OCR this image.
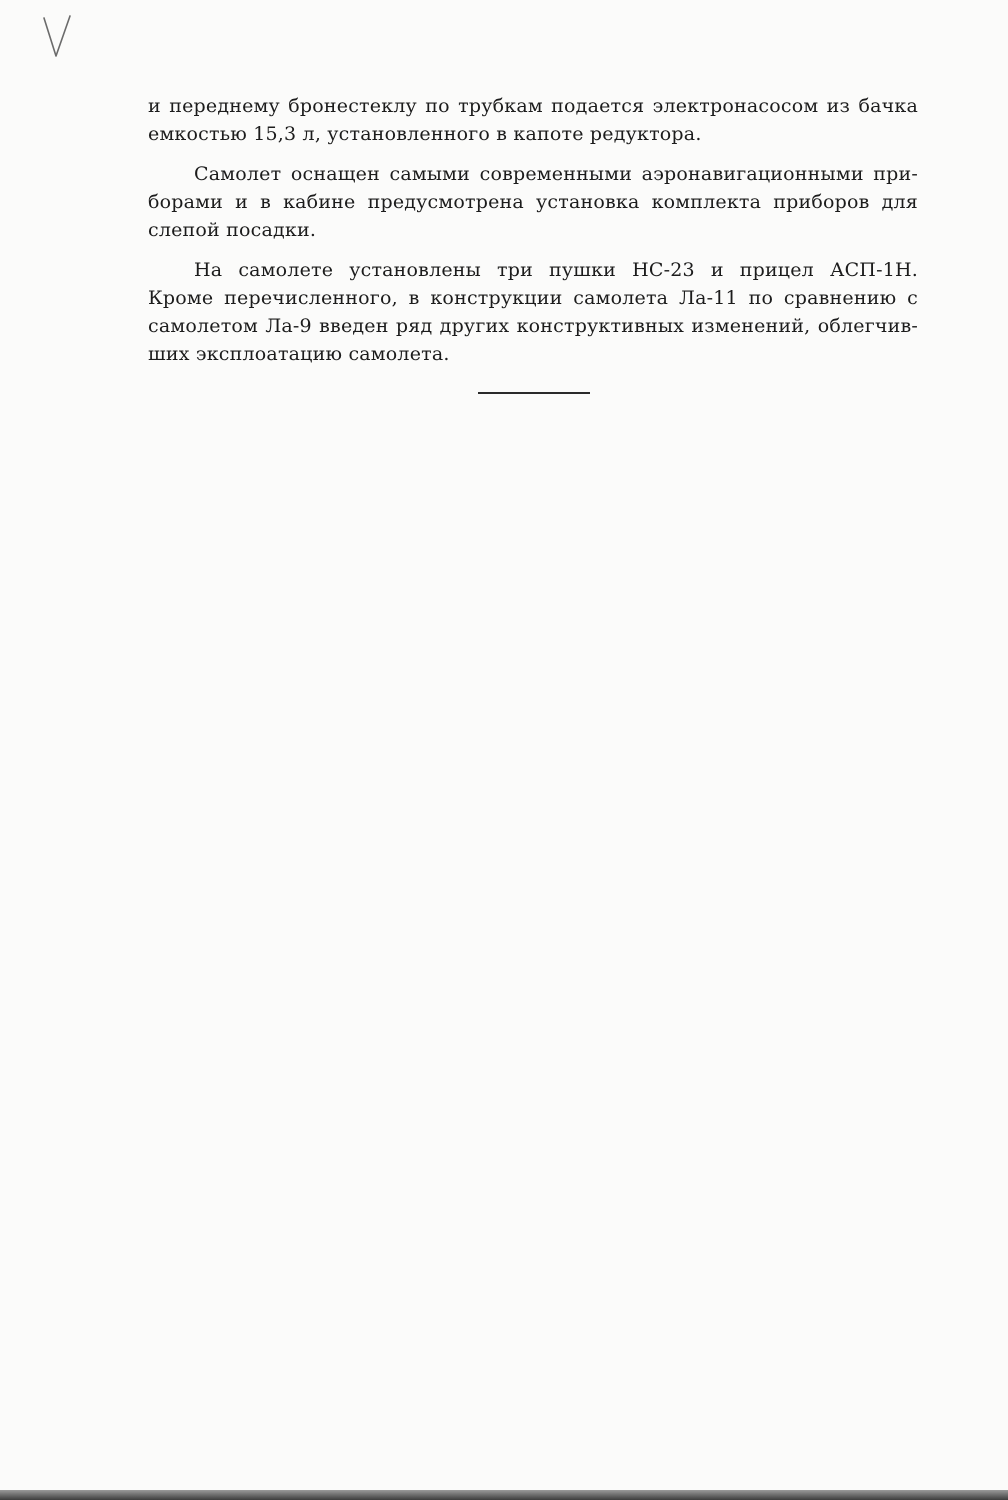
и переднему бронестеклу по трубкам подается электронасосом из бачка
емкостью 15,3 л, установленного в капоте редуктора.
Самолет оснащен самыми современными аэронавигационными при-
борами и в кабине предусмотрена установка комплекта приборов для
слепой посадки.
На самолете установлены три пушки НС-23 и прицел АСП-1Н.
Кроме перечисленного, в конструкции самолета Ла-11 по сравнению с
самолетом Ла-9 введен ряд других конструктивных изменений, облегчив-
ших эксплоатацию самолета.
